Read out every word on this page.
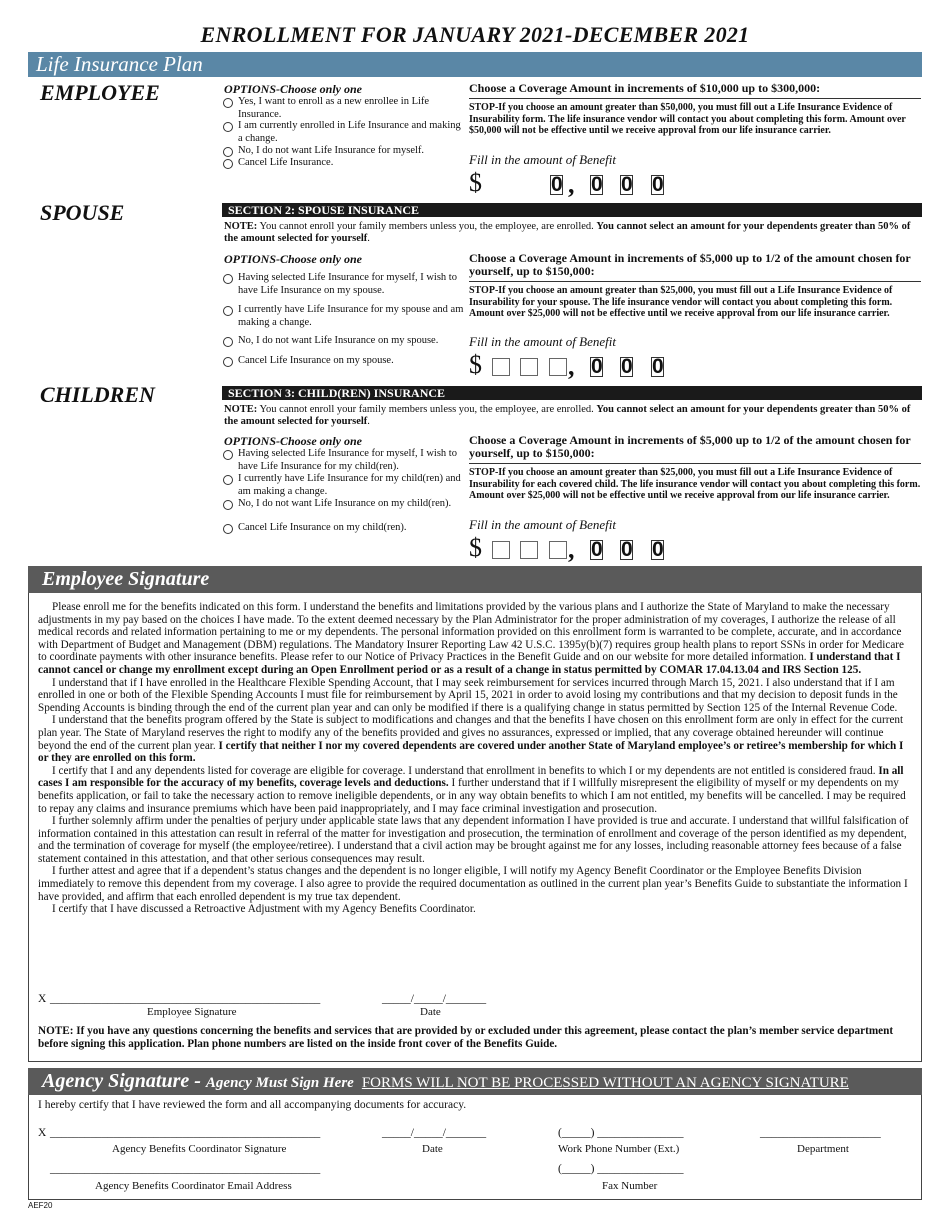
ENROLLMENT FOR JANUARY 2021-DECEMBER 2021
Life Insurance Plan
EMPLOYEE	OPTIONS-Choose only one
Yes, I want to enroll as a new enrollee in Life Insurance.
I am currently enrolled in Life Insurance and making a change.
No, I do not want Life Insurance for myself.
Cancel Life Insurance.
Choose a Coverage Amount in increments of $10,000 up to $300,000:
STOP-If you choose an amount greater than $50,000, you must fill out a Life Insurance Evidence of Insurability form. The life insurance vendor will contact you about completing this form. Amount over $50,000 will not be effective until we receive approval from our life insurance carrier.
Fill in the amount of Benefit
$	0 , 0 0 0
SPOUSE	SECTION 2: SPOUSE INSURANCE
NOTE: You cannot enroll your family members unless you, the employee, are enrolled. You cannot select an amount for your dependents greater than 50% of the amount selected for yourself.
OPTIONS-Choose only one
Having selected Life Insurance for myself, I wish to have Life Insurance on my spouse.
I currently have Life Insurance for my spouse and am making a change.
No, I do not want Life Insurance on my spouse.
Cancel Life Insurance on my spouse.
Choose a Coverage Amount in increments of $5,000 up to 1/2 of the amount chosen for yourself, up to $150,000:
STOP-If you choose an amount greater than $25,000, you must fill out a Life Insurance Evidence of Insurability for your spouse. The life insurance vendor will contact you about completing this form. Amount over $25,000 will not be effective until we receive approval from our life insurance carrier.
Fill in the amount of Benefit
$	, 0 0 0
CHILDREN	SECTION 3: CHILD(REN) INSURANCE
NOTE: You cannot enroll your family members unless you, the employee, are enrolled. You cannot select an amount for your dependents greater than 50% of the amount selected for yourself.
OPTIONS-Choose only one
Having selected Life Insurance for myself, I wish to have Life Insurance for my child(ren).
I currently have Life Insurance for my child(ren) and am making a change.
No, I do not want Life Insurance on my child(ren).
Cancel Life Insurance on my child(ren).
Choose a Coverage Amount in increments of $5,000 up to 1/2 of the amount chosen for yourself, up to $150,000:
STOP-If you choose an amount greater than $25,000, you must fill out a Life Insurance Evidence of Insurability for each covered child. The life insurance vendor will contact you about completing this form. Amount over $25,000 will not be effective until we receive approval from our life insurance carrier.
Fill in the amount of Benefit
$	, 0 0 0
Employee Signature

Please enroll me for the benefits indicated on this form. I understand the benefits and limitations provided by the various plans and I authorize the State of Maryland to make the necessary adjustments in my pay based on the choices I have made. To the extent deemed necessary by the Plan Administrator for the proper administration of my coverages, I authorize the release of all medical records and related information pertaining to me or my dependents. The personal information provided on this enrollment form is warranted to be complete, accurate, and in accordance with Department of Budget and Management (DBM) regulations. The Mandatory Insurer Reporting Law 42 U.S.C. 1395y(b)(7) requires group health plans to report SSNs in order for Medicare to coordinate payments with other insurance benefits. Please refer to our Notice of Privacy Practices in the Benefit Guide and on our website for more detailed information. I understand that I cannot cancel or change my enrollment except during an Open Enrollment period or as a result of a change in status permitted by COMAR 17.04.13.04 and IRS Section 125.

I understand that if I have enrolled in the Healthcare Flexible Spending Account, that I may seek reimbursement for services incurred through March 15, 2021. I also understand that if I am enrolled in one or both of the Flexible Spending Accounts I must file for reimbursement by April 15, 2021 in order to avoid losing my contributions and that my decision to deposit funds in the Spending Accounts is binding through the end of the current plan year and can only be modified if there is a qualifying change in status permitted by Section 125 of the Internal Revenue Code.

I understand that the benefits program offered by the State is subject to modifications and changes and that the benefits I have chosen on this enrollment form are only in effect for the current plan year. The State of Maryland reserves the right to modify any of the benefits provided and gives no assurances, expressed or implied, that any coverage obtained hereunder will continue beyond the end of the current plan year. I certify that neither I nor my covered dependents are covered under another State of Maryland employee’s or retiree’s membership for which I or they are enrolled on this form.

I certify that I and any dependents listed for coverage are eligible for coverage. I understand that enrollment in benefits to which I or my dependents are not entitled is considered fraud. In all cases I am responsible for the accuracy of my benefits, coverage levels and deductions. I further understand that if I willfully misrepresent the eligibility of myself or my dependents on my benefits application, or fail to take the necessary action to remove ineligible dependents, or in any way obtain benefits to which I am not entitled, my benefits will be cancelled. I may be required to repay any claims and insurance premiums which have been paid inappropriately, and I may face criminal investigation and prosecution.

I further solemnly affirm under the penalties of perjury under applicable state laws that any dependent information I have provided is true and accurate. I understand that willful falsification of information contained in this attestation can result in referral of the matter for investigation and prosecution, the termination of enrollment and coverage of the person identified as my dependent, and the termination of coverage for myself (the employee/retiree). I understand that a civil action may be brought against me for any losses, including reasonable attorney fees because of a false statement contained in this attestation, and that other serious consequences may result.

I further attest and agree that if a dependent’s status changes and the dependent is no longer eligible, I will notify my Agency Benefit Coordinator or the Employee Benefits Division immediately to remove this dependent from my coverage. I also agree to provide the required documentation as outlined in the current plan year’s Benefits Guide to substantiate the information I have provided, and affirm that each enrolled dependent is my true tax dependent.

I certify that I have discussed a Retroactive Adjustment with my Agency Benefits Coordinator.

X _______________________________________________	_____/_____/_______
Employee Signature	Date
NOTE: If you have any questions concerning the benefits and services that are provided by or excluded under this agreement, please contact the plan’s member service department before signing this application. Plan phone numbers are listed on the inside front cover of the Benefits Guide.
Agency Signature - Agency Must Sign Here FORMS WILL NOT BE PROCESSED WITHOUT AN AGENCY SIGNATURE
I hereby certify that I have reviewed the form and all accompanying documents for accuracy.
X _______________________________________________	_____/_____/_______	(_____) _______________	_____________________
Agency Benefits Coordinator Signature	Date	Work Phone Number (Ext.)	Department
_______________________________________________	(_____) _______________
Agency Benefits Coordinator Email Address	Fax Number
AEF20
